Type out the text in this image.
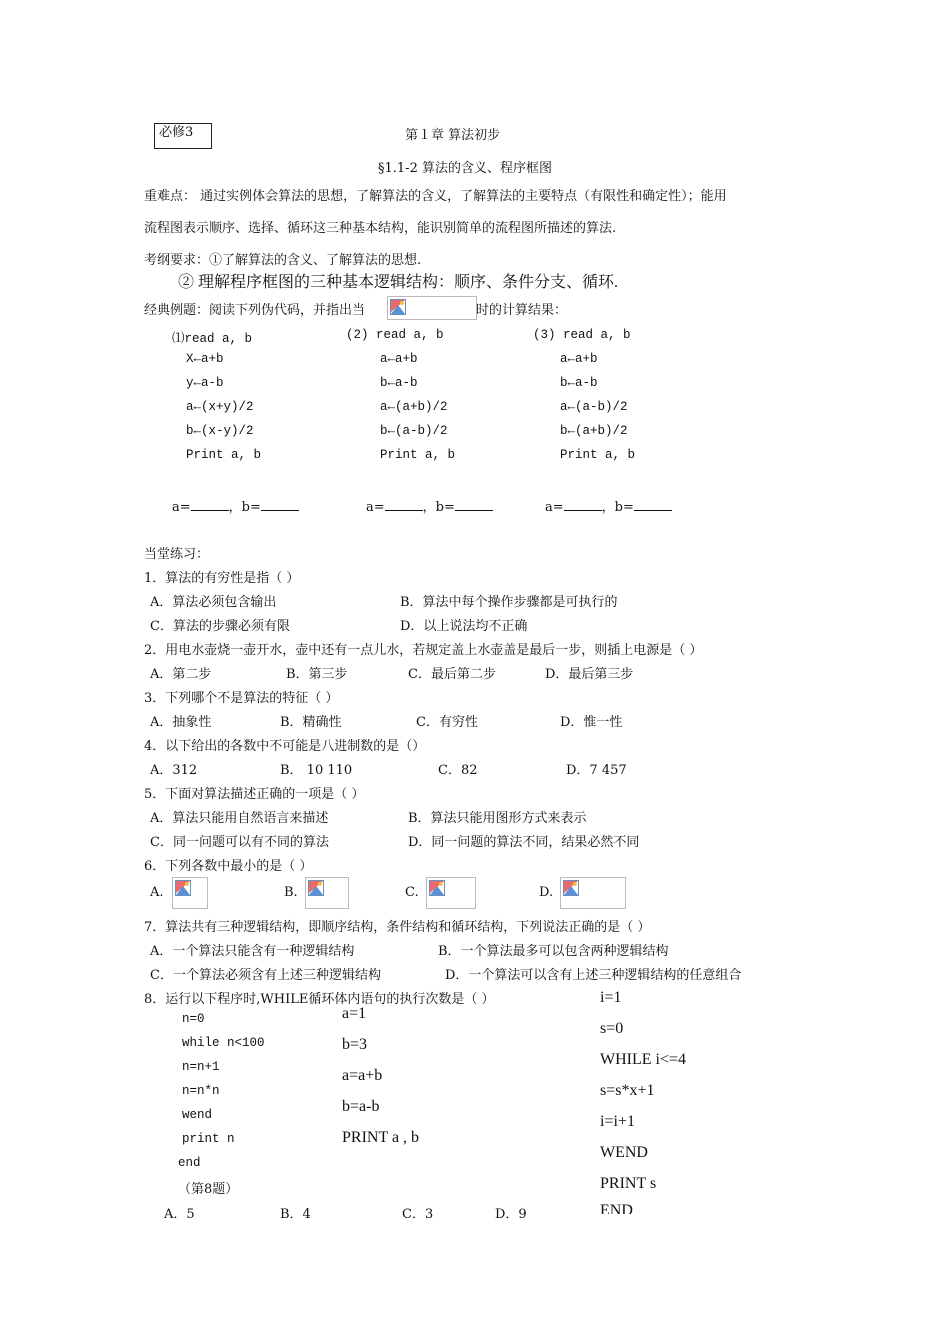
必修3	第１章 算法初步
§1.1-2 算法的含义、程序框图
重难点： 通过实例体会算法的思想，了解算法的含义，了解算法的主要特点（有限性和确定性）；能用
流程图表示顺序、选择、循环这三种基本结构，能识别简单的流程图所描述的算法.
考纲要求：①了解算法的含义、了解算法的思想.
② 理解程序框图的三种基本逻辑结构：顺序、条件分支、循环.
经典例题：阅读下列伪代码，并指出当	时的计算结果：
⑴read a, b
X←a+b
y←a-b
a←(x+y)/2
b←(x-y)/2
Print a, b
(2) read a, b
a←a+b
b←a-b
a←(a+b)/2
b←(a-b)/2
Print a, b
(3) read a, b
a←a+b
b←a-b
a←(a-b)/2
b←(a+b)/2
Print a, b
a=	，b=	a=	，b=	a=	，b=
当堂练习：
1．算法的有穷性是指（ ）
A．算法必须包含输出	B．算法中每个操作步骤都是可执行的
C．算法的步骤必须有限	D．以上说法均不正确
2．用电水壶烧一壶开水，壶中还有一点儿水，若规定盖上水壶盖是最后一步，则插上电源是（ ）
A．第二步	B．第三步	C．最后第二步	D．最后第三步
3．下列哪个不是算法的特征（ ）
A．抽象性	B．精确性	C．有穷性	D．惟一性
4．以下给出的各数中不可能是八进制数的是（）
A．312	B． 10 110	C．82	D．7 457
5．下面对算法描述正确的一项是（ ）
A．算法只能用自然语言来描述	B．算法只能用图形方式来表示
C．同一问题可以有不同的算法	D．同一问题的算法不同，结果必然不同
6．下列各数中最小的是（ ）
A.	B.	C.	D.
7．算法共有三种逻辑结构，即顺序结构，条件结构和循环结构，下列说法正确的是（ ）
A．一个算法只能含有一种逻辑结构	B．一个算法最多可以包含两种逻辑结构
C．一个算法必须含有上述三种逻辑结构	D．一个算法可以含有上述三种逻辑结构的任意组合
8．运行以下程序时,WHILE循环体内语句的执行次数是（ ）
n=0
while n<100
n=n+1
n=n*n
wend
print n
end
（第8题）
A．5	B．4	C．3	D．9
a=1
b=3
a=a+b
b=a-b
PRINT a , b
i=1
s=0
WHILE i<=4
s=s*x+1
i=i+1
WEND
PRINT s
END
